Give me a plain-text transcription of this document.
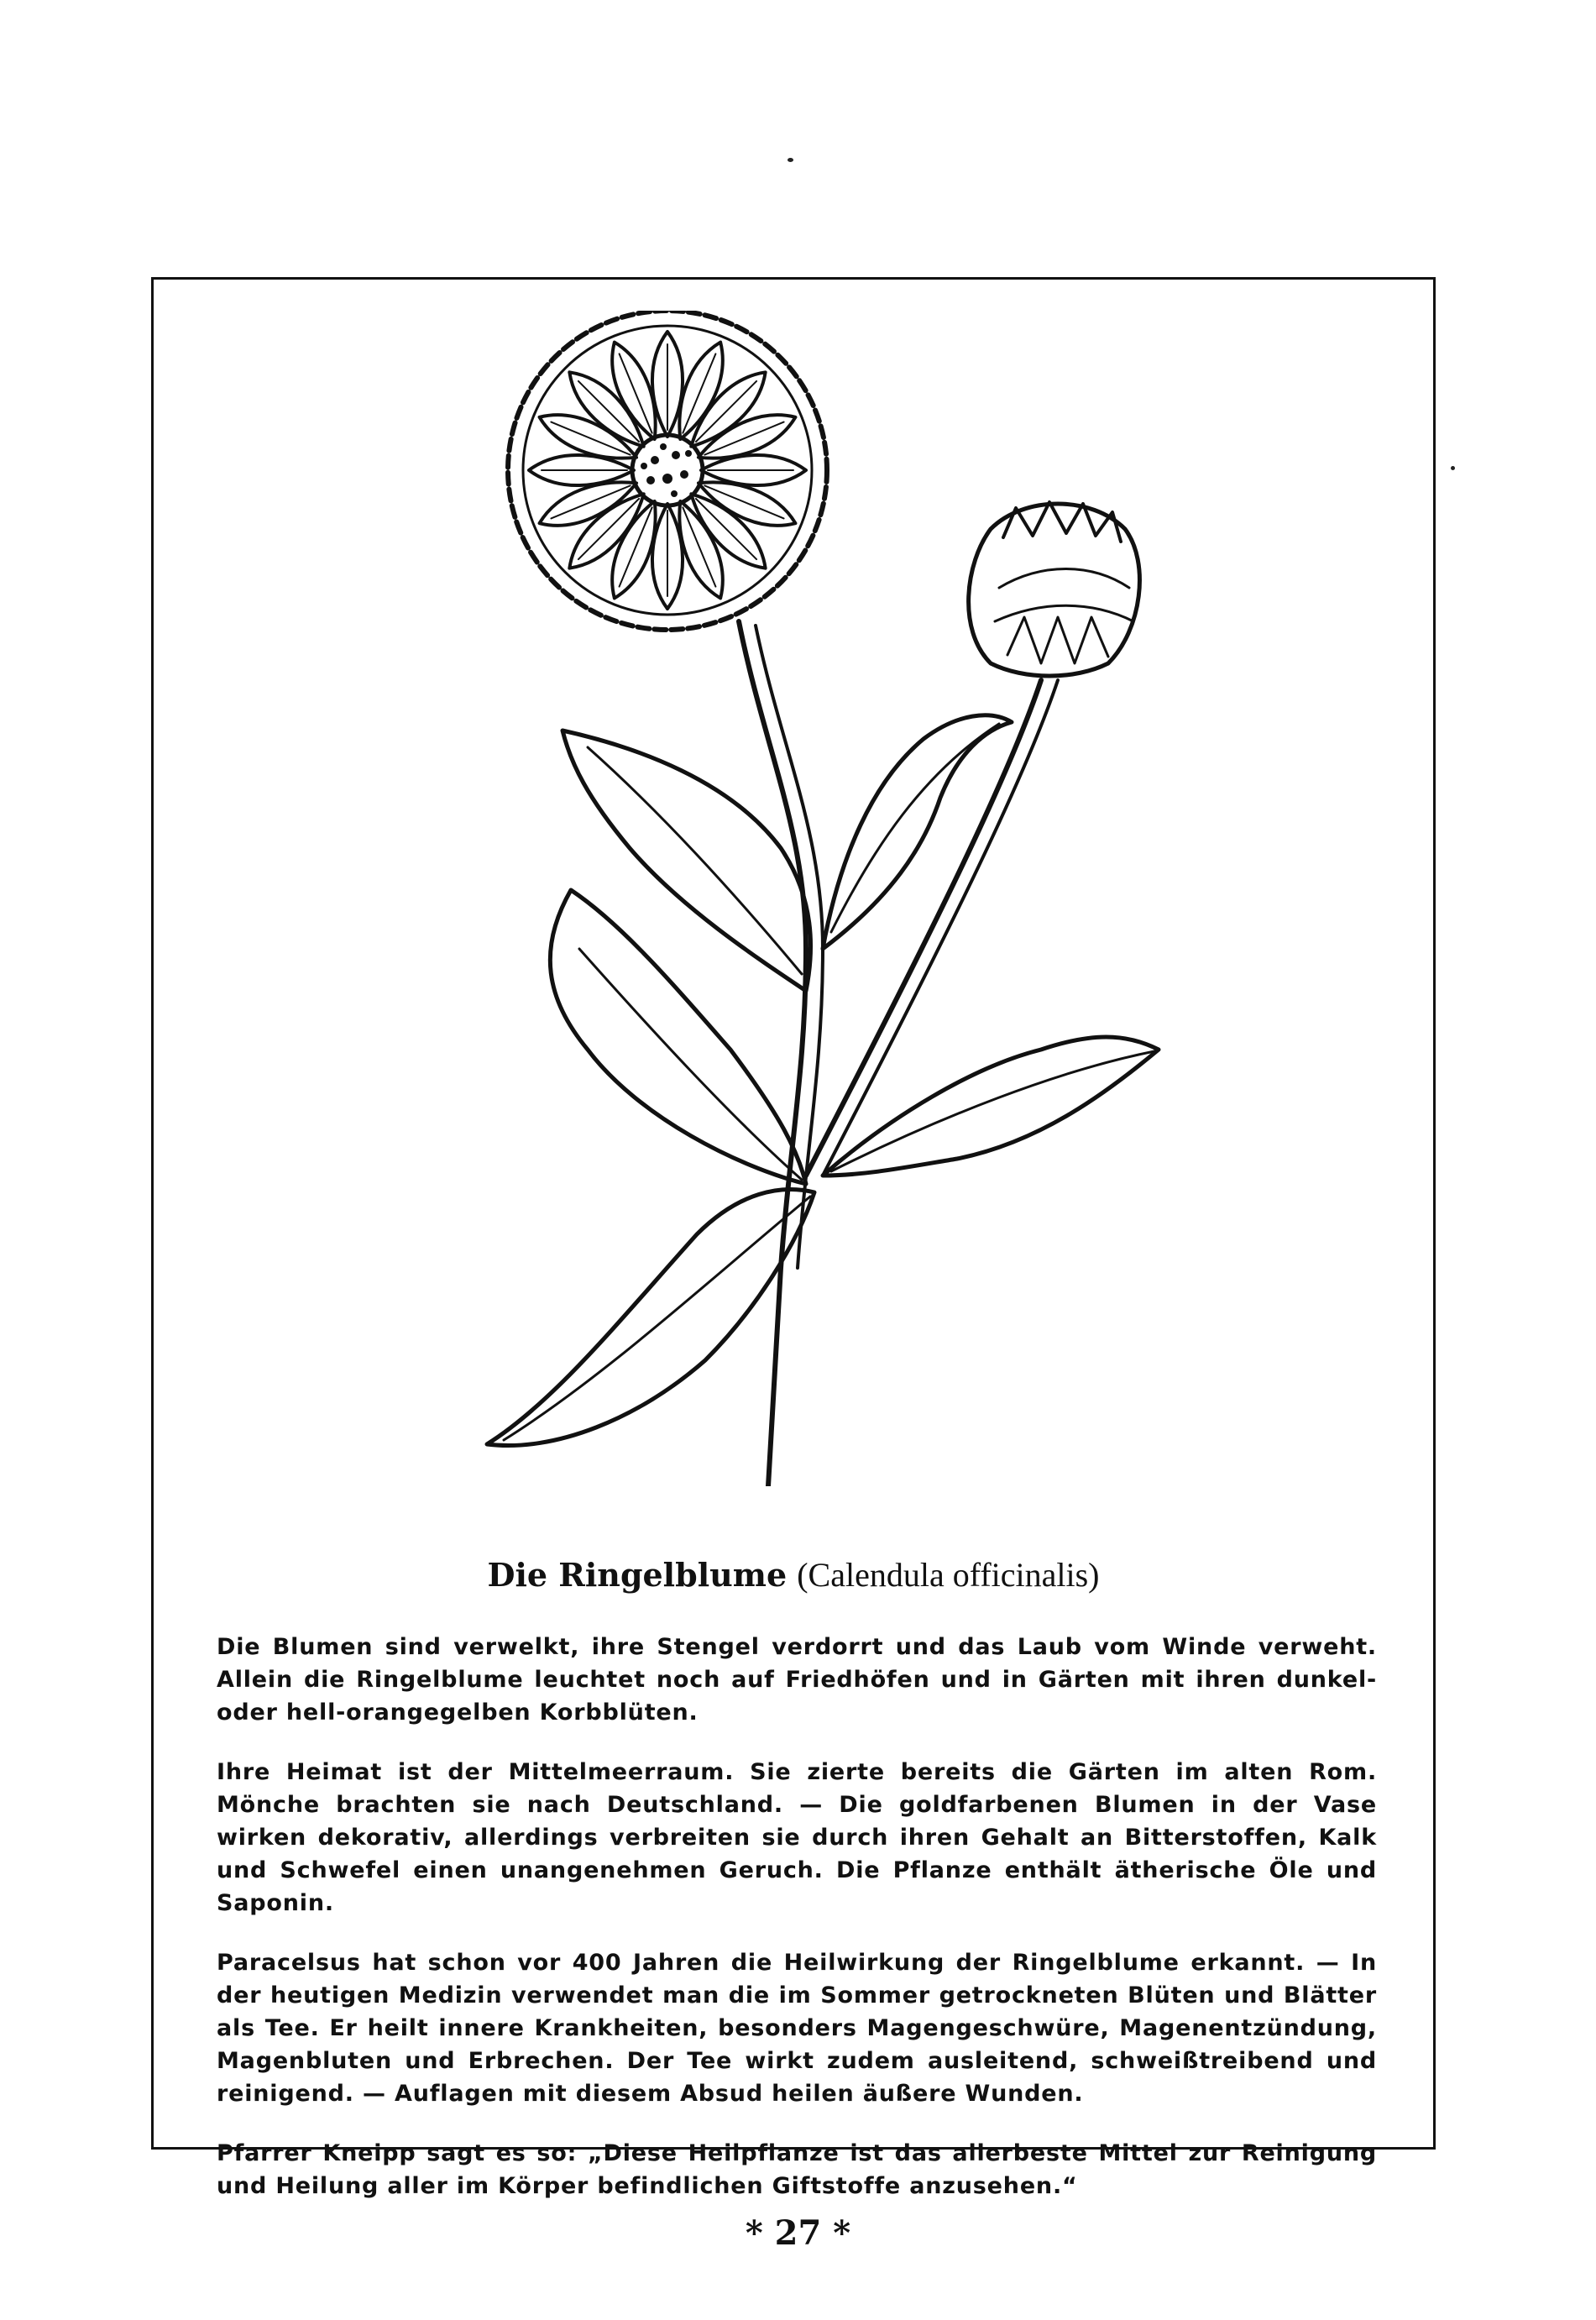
Die Ringelblume (Calendula officinalis)

Die Blumen sind verwelkt, ihre Stengel verdorrt und das Laub vom Winde verweht. Allein die Ringelblume leuchtet noch auf Friedhöfen und in Gärten mit ihren dunkel- oder hell-orangegelben Korbblüten.

Ihre Heimat ist der Mittelmeerraum. Sie zierte bereits die Gärten im alten Rom. Mönche brachten sie nach Deutschland. — Die goldfarbenen Blumen in der Vase wirken dekorativ, allerdings verbreiten sie durch ihren Gehalt an Bitterstoffen, Kalk und Schwefel einen unangenehmen Geruch. Die Pflanze enthält ätherische Öle und Saponin.

Paracelsus hat schon vor 400 Jahren die Heilwirkung der Ringelblume erkannt. — In der heutigen Medizin verwendet man die im Sommer getrockneten Blüten und Blätter als Tee. Er heilt innere Krankheiten, besonders Magengeschwüre, Magenentzündung, Magenbluten und Erbrechen. Der Tee wirkt zudem ausleitend, schweißtreibend und reinigend. — Auflagen mit diesem Absud heilen äußere Wunden.

Pfarrer Kneipp sagt es so: „Diese Heilpflanze ist das allerbeste Mittel zur Reinigung und Heilung aller im Körper befindlichen Giftstoffe anzusehen.“

* 27 *
